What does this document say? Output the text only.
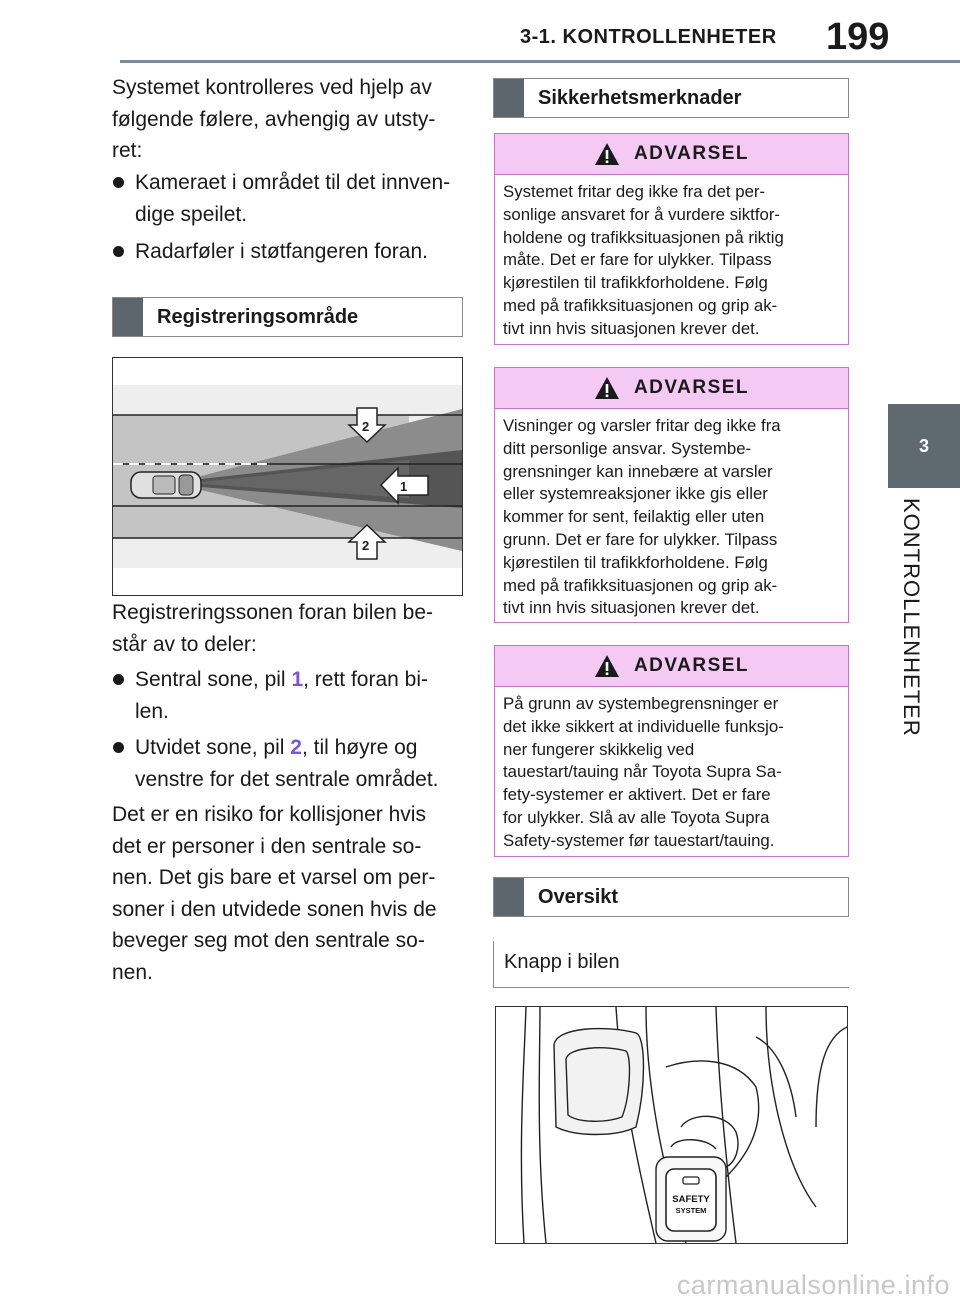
3-1. KONTROLLENHETER 199
3
KONTROLLENHETER
Systemet kontrolleres ved hjelp av
følgende følere, avhengig av utsty-
ret:
Kameraet i området til det innven-
dige speilet.
Radarføler i støtfangeren foran.
Registreringsområde
2
1
2
Registreringssonen foran bilen be-
står av to deler:
Sentral sone, pil 1, rett foran bi-
len.
Utvidet sone, pil 2, til høyre og
venstre for det sentrale området.
Det er en risiko for kollisjoner hvis
det er personer i den sentrale so-
nen. Det gis bare et varsel om per-
soner i den utvidede sonen hvis de
beveger seg mot den sentrale so-
nen.
Sikkerhetsmerknader
ADVARSEL
Systemet fritar deg ikke fra det per-
sonlige ansvaret for å vurdere siktfor-
holdene og trafikksituasjonen på riktig
måte. Det er fare for ulykker. Tilpass
kjørestilen til trafikkforholdene. Følg
med på trafikksituasjonen og grip ak-
tivt inn hvis situasjonen krever det.
ADVARSEL
Visninger og varsler fritar deg ikke fra
ditt personlige ansvar. Systembe-
grensninger kan innebære at varsler
eller systemreaksjoner ikke gis eller
kommer for sent, feilaktig eller uten
grunn. Det er fare for ulykker. Tilpass
kjørestilen til trafikkforholdene. Følg
med på trafikksituasjonen og grip ak-
tivt inn hvis situasjonen krever det.
ADVARSEL
På grunn av systembegrensninger er
det ikke sikkert at individuelle funksjo-
ner fungerer skikkelig ved
tauestart/tauing når Toyota Supra Sa-
fety-systemer er aktivert. Det er fare
for ulykker. Slå av alle Toyota Supra
Safety-systemer før tauestart/tauing.
Oversikt
Knapp i bilen
SAFETY
SYSTEM
carmanualsonline.info
